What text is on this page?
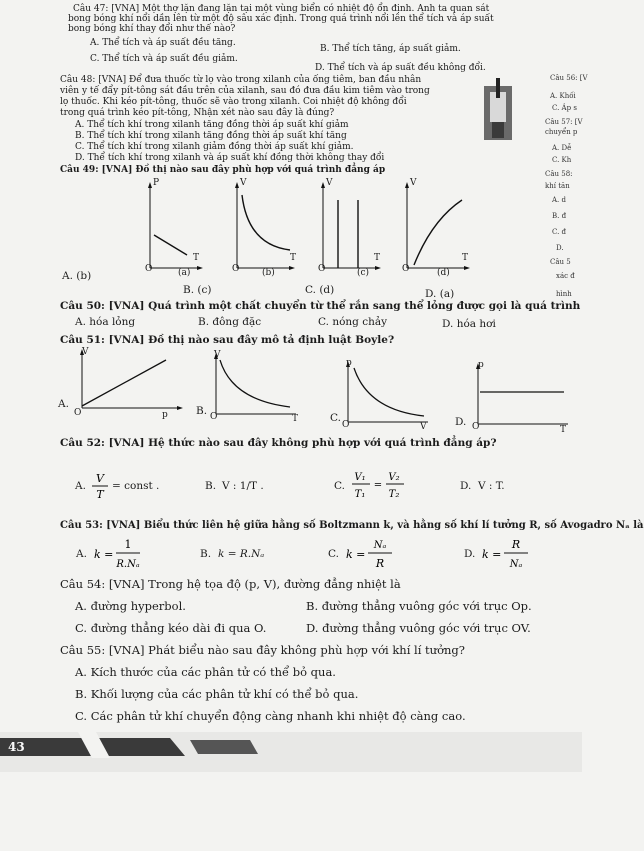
Câu 47: [VNA] Một thợ lặn đang lặn tại một vùng biển có nhiệt độ ổn định. Anh ta quan sát
bong bóng khí nổi dần lên từ một độ sâu xác định. Trong quá trình nổi lên thể tích và áp suất
bong bóng khí thay đổi như thế nào?
A. Thể tích và áp suất đều tăng.
B. Thể tích tăng, áp suất giảm.
C. Thể tích và áp suất đều giảm.
D. Thể tích và áp suất đều không đổi.
Câu 48: [VNA] Để đưa thuốc từ lọ vào trong xilanh của ống tiêm, ban đầu nhân
viên y tế đẩy pít-tông sát đầu trên của xilanh, sau đó đưa đầu kim tiêm vào trong
lọ thuốc. Khi kéo pít-tông, thuốc sẽ vào trong xilanh. Coi nhiệt độ không đổi
trong quá trình kéo pít-tông, Nhận xét nào sau đây là đúng?
A. Thể tích khí trong xilanh tăng đồng thời áp suất khí giảm
B. Thể tích khí trong xilanh tăng đồng thời áp suất khí tăng
C. Thể tích khí trong xilanh giảm đồng thời áp suất khí giảm.
D. Thể tích khí trong xilanh và áp suất khí đồng thời không thay đổi
Câu 49: [VNA] Đồ thị nào sau đây phù hợp với quá trình đẳng áp
P
T
O	(a)
V
T
O	(b)
V
T
O	(c)
V
T
O	(d)
A. (b)
B. (c)	C. (d)	D. (a)
Câu 50: [VNA] Quá trình một chất chuyển từ thể rắn sang thể lỏng được gọi là quá trình
A. hóa lỏng	B. đông đặc	C. nóng chảy	D. hóa hơi
Câu 51: [VNA] Đồ thị nào sau đây mô tả định luật Boyle?
A.
V
p
O	B.
V
T
O	C.
p
V
O	D.
p
T
O
Câu 52: [VNA] Hệ thức nào sau đây không phù hợp với quá trình đẳng áp?
A.
V
T
= const .	B. V : 1/T .	C.
V₁
T₁
=
V₂
T₂
D. V : T.
Câu 53: [VNA] Biểu thức liên hệ giữa hằng số Boltzmann k, và hằng số khí lí tưởng R, số Avogadro Nₐ là
A. k =
1
R.Nₐ
B. k = R.Nₐ	C. k =
Nₐ
R
D. k =
R
Nₐ
Câu 54: [VNA] Trong hệ tọa độ (p, V), đường đẳng nhiệt là
A. đường hyperbol.	B. đường thẳng vuông góc với trục Op.
C. đường thẳng kéo dài đi qua O.	D. đường thẳng vuông góc với trục OV.
Câu 55: [VNA] Phát biểu nào sau đây không phù hợp với khí lí tưởng?
A. Kích thước của các phân tử có thể bỏ qua.
B. Khối lượng của các phân tử khí có thể bỏ qua.
C. Các phân tử khí chuyển động càng nhanh khi nhiệt độ càng cao.
Câu 56: [V
A. Khối
C. Áp s
Câu 57: [V
chuyển p
A. Dễ
C. Kh
Câu 58:
khí tăn
A. d
B. đ
C. đ
D.
Câu 5
xác đ
hình
43
